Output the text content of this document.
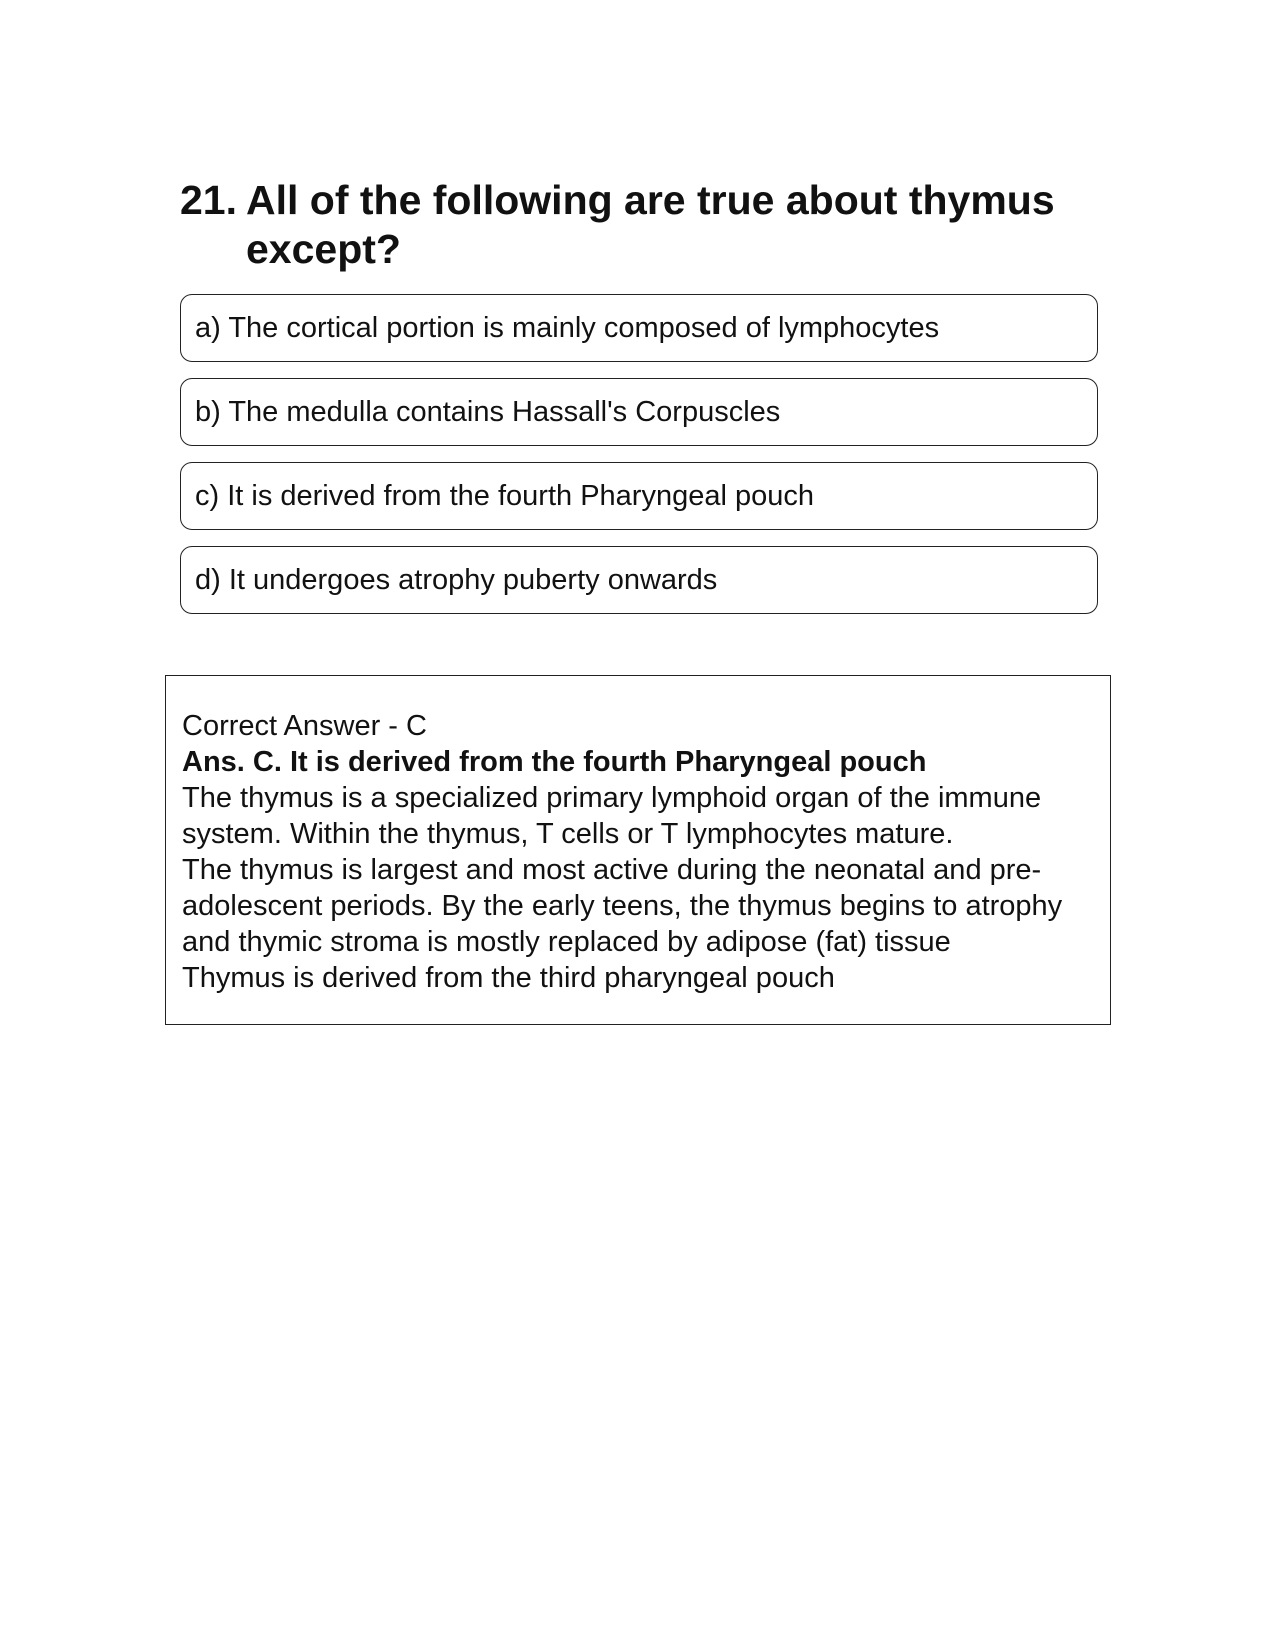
21. All of the following are true about thymus except?
a) The cortical portion is mainly composed of lymphocytes
b) The medulla contains Hassall's Corpuscles
c) It is derived from the fourth Pharyngeal pouch
d) It undergoes atrophy puberty onwards
Correct Answer - C
Ans. C. It is derived from the fourth Pharyngeal pouch
The thymus is a specialized primary lymphoid organ of the immune system. Within the thymus, T cells or T lymphocytes mature.
The thymus is largest and most active during the neonatal and pre-adolescent periods. By the early teens, the thymus begins to atrophy and thymic stroma is mostly replaced by adipose (fat) tissue
Thymus is derived from the third pharyngeal pouch
